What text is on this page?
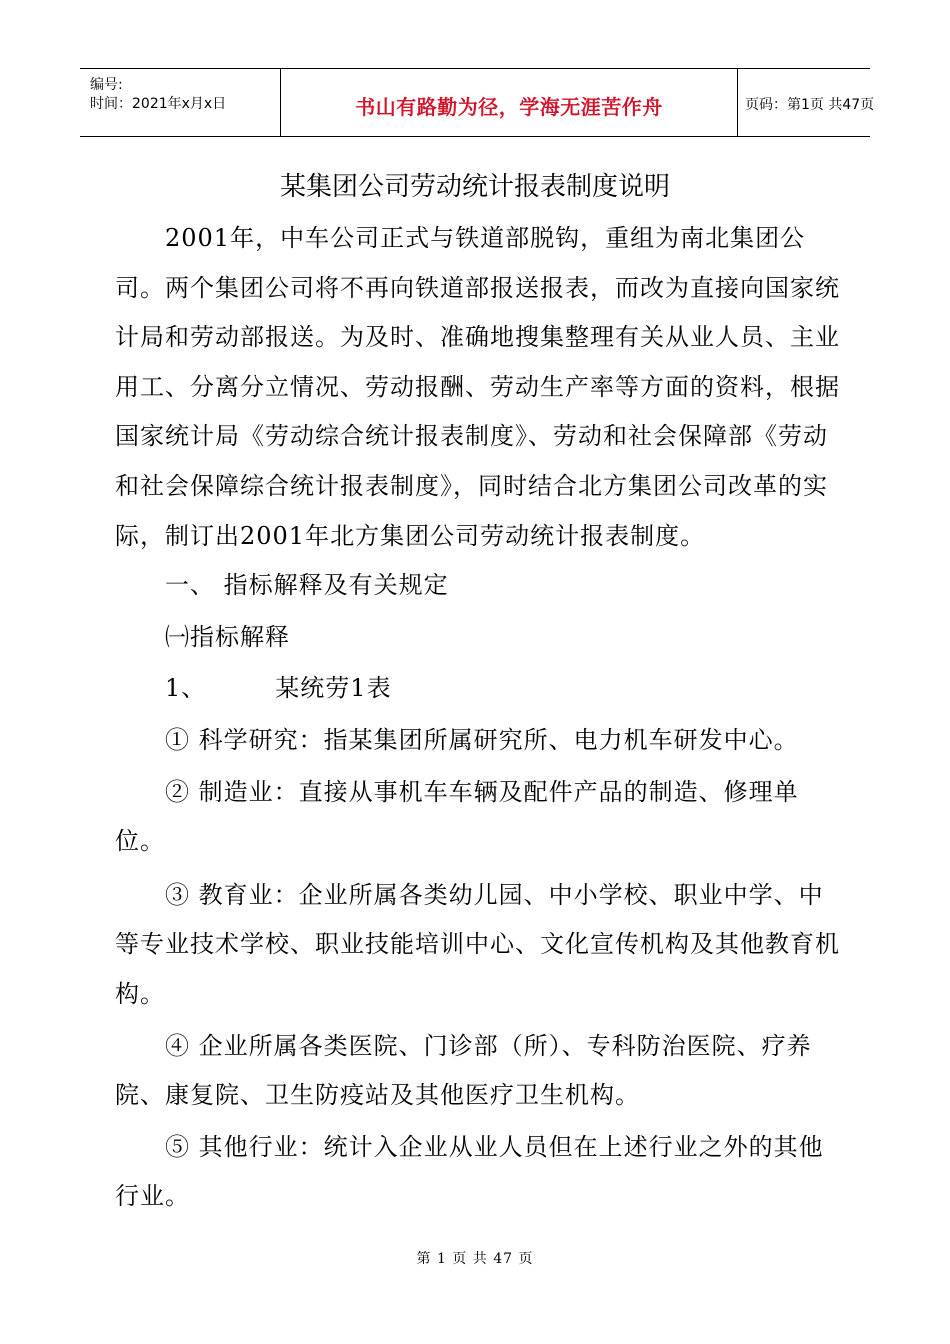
编号:
时间：2021年x月x日	书山有路勤为径，学海无涯苦作舟	页码：第1页 共47页
某集团公司劳动统计报表制度说明

2001年，中车公司正式与铁道部脱钩，重组为南北集团公司。两个集团公司将不再向铁道部报送报表，而改为直接向国家统计局和劳动部报送。为及时、准确地搜集整理有关从业人员、主业用工、分离分立情况、劳动报酬、劳动生产率等方面的资料，根据国家统计局《劳动综合统计报表制度》、劳动和社会保障部《劳动和社会保障综合统计报表制度》，同时结合北方集团公司改革的实际，制订出2001年北方集团公司劳动统计报表制度。

一、 指标解释及有关规定

㈠指标解释

1、        某统劳1表

① 科学研究：指某集团所属研究所、电力机车研发中心。

② 制造业：直接从事机车车辆及配件产品的制造、修理单位。

③ 教育业：企业所属各类幼儿园、中小学校、职业中学、中等专业技术学校、职业技能培训中心、文化宣传机构及其他教育机构。

④ 企业所属各类医院、门诊部（所）、专科防治医院、疗养院、康复院、卫生防疫站及其他医疗卫生机构。

⑤ 其他行业：统计入企业从业人员但在上述行业之外的其他行业。

第 1 页 共 47 页
